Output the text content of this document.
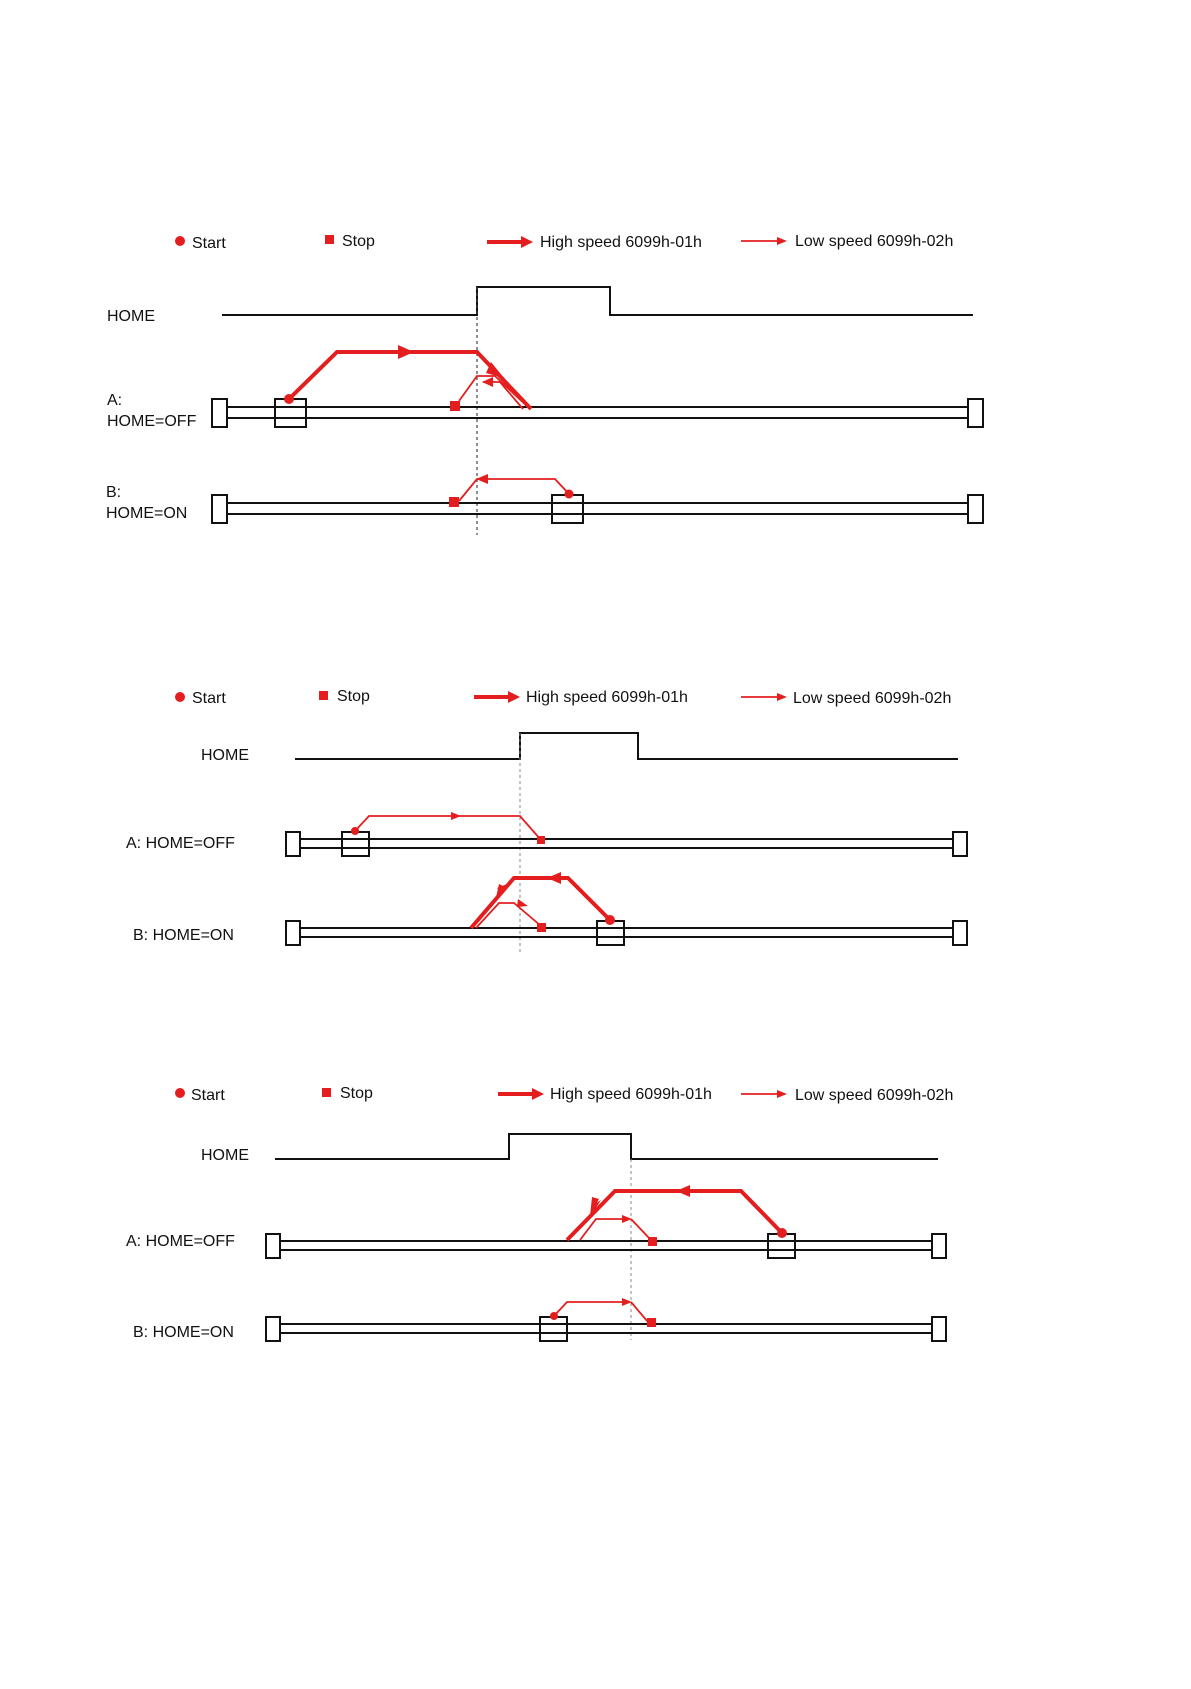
Start	Stop	High speed 6099h-01h	Low speed 6099h-02h
HOME
A:
HOME=OFF
B:
HOME=ON
Start	Stop	High speed 6099h-01h	Low speed 6099h-02h
HOME
A: HOME=OFF
B: HOME=ON
Start	Stop	High speed 6099h-01h	Low speed 6099h-02h
HOME
A: HOME=OFF
B: HOME=ON
